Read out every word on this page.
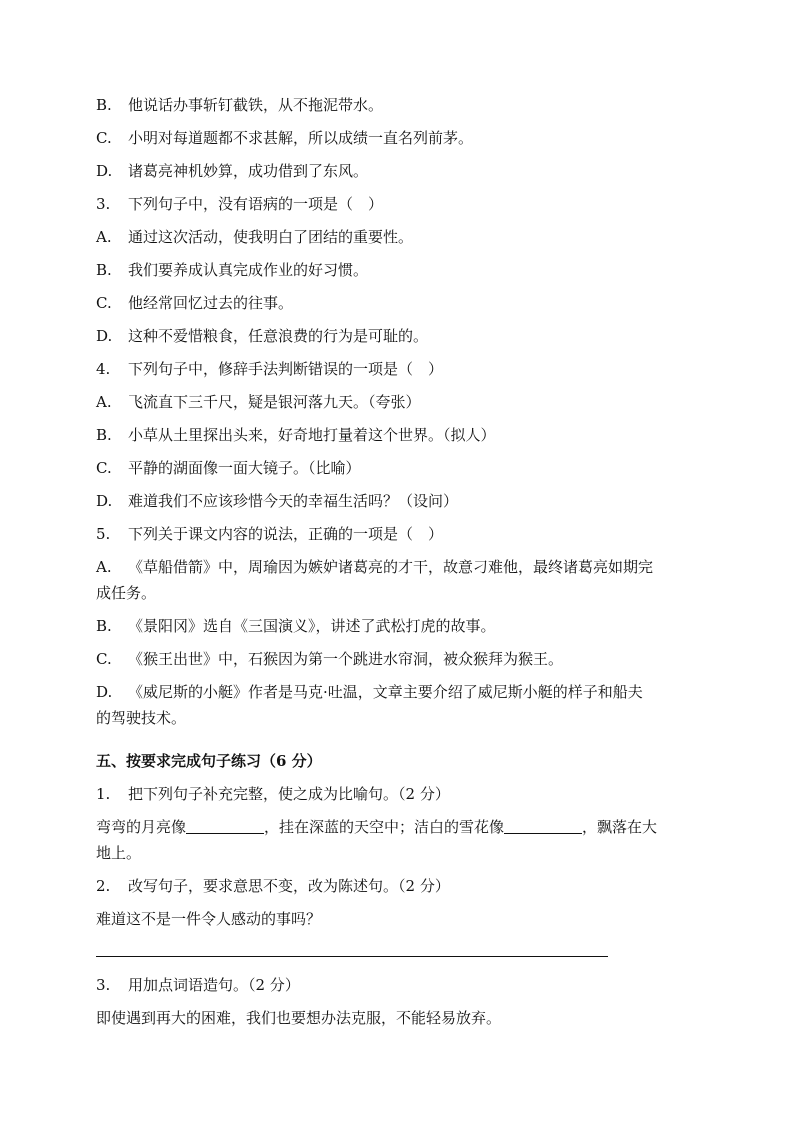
B. 他说话办事斩钉截铁，从不拖泥带水。
C. 小明对每道题都不求甚解，所以成绩一直名列前茅。
D. 诸葛亮神机妙算，成功借到了东风。
3. 下列句子中，没有语病的一项是（　）
A. 通过这次活动，使我明白了团结的重要性。
B. 我们要养成认真完成作业的好习惯。
C. 他经常回忆过去的往事。
D. 这种不爱惜粮食，任意浪费的行为是可耻的。
4. 下列句子中，修辞手法判断错误的一项是（　）
A. 飞流直下三千尺，疑是银河落九天。（夸张）
B. 小草从土里探出头来，好奇地打量着这个世界。（拟人）
C. 平静的湖面像一面大镜子。（比喻）
D. 难道我们不应该珍惜今天的幸福生活吗？（设问）
5. 下列关于课文内容的说法，正确的一项是（　）
A. 《草船借箭》中，周瑜因为嫉妒诸葛亮的才干，故意刁难他，最终诸葛亮如期完
成任务。
B. 《景阳冈》选自《三国演义》，讲述了武松打虎的故事。
C. 《猴王出世》中，石猴因为第一个跳进水帘洞，被众猴拜为猴王。
D. 《威尼斯的小艇》作者是马克·吐温，文章主要介绍了威尼斯小艇的样子和船夫
的驾驶技术。
五、按要求完成句子练习（6 分）
1. 把下列句子补充完整，使之成为比喻句。（2 分）
弯弯的月亮像	，挂在深蓝的天空中；洁白的雪花像	，飘落在大
地上。
2. 改写句子，要求意思不变，改为陈述句。（2 分）
难道这不是一件令人感动的事吗？
3. 用加点词语造句。（2 分）
即使遇到再大的困难，我们也要想办法克服，不能轻易放弃。
